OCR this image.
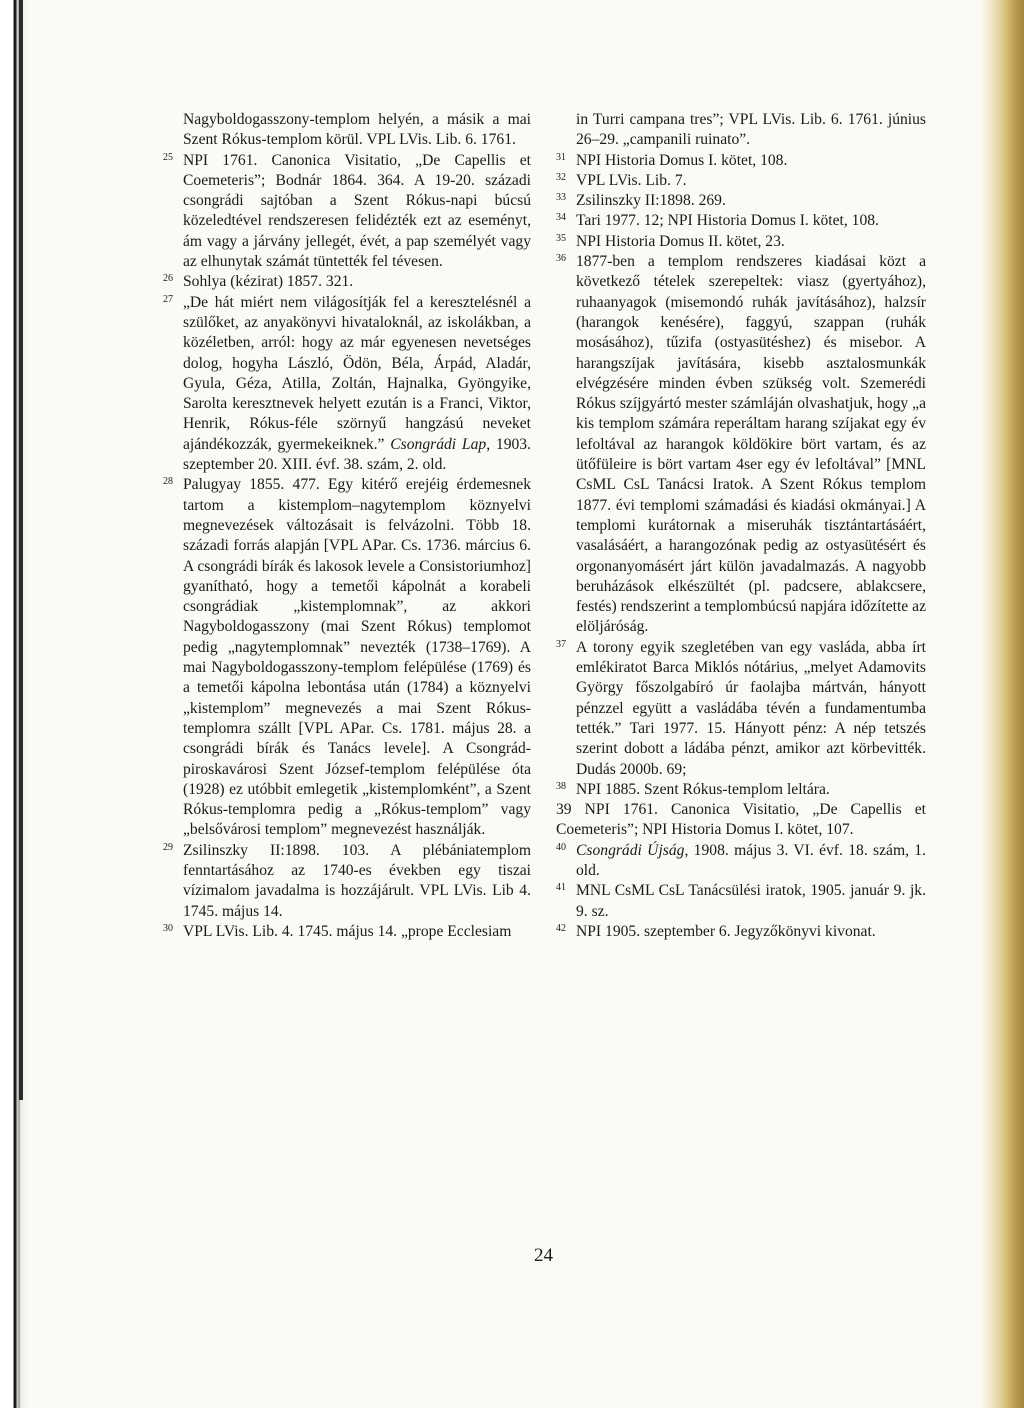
Nagyboldogasszony-templom helyén, a másik a mai Szent Rókus-templom körül. VPL LVis. Lib. 6. 1761.

25 NPI 1761. Canonica Visitatio, „De Capellis et Coemeteris”; Bodnár 1864. 364. A 19-20. századi csongrádi sajtóban a Szent Rókus-napi búcsú közeledtével rendszeresen felidézték ezt az eseményt, ám vagy a járvány jellegét, évét, a pap személyét vagy az elhunytak számát tüntették fel tévesen.

26 Sohlya (kézirat) 1857. 321.

27 „De hát miért nem világosítják fel a keresztelésnél a szülőket, az anyakönyvi hivataloknál, az iskolákban, a közéletben, arról: hogy az már egyenesen nevetséges dolog, hogyha László, Ödön, Béla, Árpád, Aladár, Gyula, Géza, Atilla, Zoltán, Hajnalka, Gyöngyike, Sarolta keresztnevek helyett ezután is a Franci, Viktor, Henrik, Rókus-féle szörnyű hangzású neveket ajándékozzák, gyermekeiknek.” Csongrádi Lap, 1903. szeptember 20. XIII. évf. 38. szám, 2. old.

28 Palugyay 1855. 477. Egy kitérő erejéig érdemesnek tartom a kistemplom–nagytemplom köznyelvi megnevezések változásait is felvázolni. Több 18. századi forrás alapján [VPL APar. Cs. 1736. március 6. A csongrádi bírák és lakosok levele a Consistoriumhoz] gyanítható, hogy a temetői kápolnát a korabeli csongrádiak „kistemplomnak”, az akkori Nagyboldogasszony (mai Szent Rókus) templomot pedig „nagytemplomnak” nevezték (1738–1769). A mai Nagyboldogasszony-templom felépülése (1769) és a temetői kápolna lebontása után (1784) a köznyelvi „kistemplom” megnevezés a mai Szent Rókus-templomra szállt [VPL APar. Cs. 1781. május 28. a csongrádi bírák és Tanács levele]. A Csongrád-piroskavárosi Szent József-templom felépülése óta (1928) ez utóbbit emlegetik „kistemplomként”, a Szent Rókus-templomra pedig a „Rókus-templom” vagy „belsővárosi templom” megnevezést használják.

29 Zsilinszky II:1898. 103. A plébániatemplom fenntartásához az 1740-es években egy tiszai vízimalom javadalma is hozzájárult. VPL LVis. Lib 4. 1745. május 14.

30 VPL LVis. Lib. 4. 1745. május 14. „prope Ecclesiam

in Turri campana tres”; VPL LVis. Lib. 6. 1761. június 26–29. „campanili ruinato”.

31 NPI Historia Domus I. kötet, 108.

32 VPL LVis. Lib. 7.

33 Zsilinszky II:1898. 269.

34 Tari 1977. 12; NPI Historia Domus I. kötet, 108.

35 NPI Historia Domus II. kötet, 23.

36 1877-ben a templom rendszeres kiadásai közt a következő tételek szerepeltek: viasz (gyertyához), ruhaanyagok (misemondó ruhák javításához), halzsír (harangok kenésére), faggyú, szappan (ruhák mosásához), tűzifa (ostyasütéshez) és misebor. A harangszíjak javítására, kisebb asztalosmunkák elvégzésére minden évben szükség volt. Szemerédi Rókus szíjgyártó mester számláján olvashatjuk, hogy „a kis templom számára reperáltam harang szíjakat egy év lefoltával az harangok köldökire bört vartam, és az ütőfüleire is bört vartam 4ser egy év lefoltával” [MNL CsML CsL Tanácsi Iratok. A Szent Rókus templom 1877. évi templomi számadási és kiadási okmányai.] A templomi kurátornak a miseruhák tisztántartásáért, vasalásáért, a harangozónak pedig az ostyasütésért és orgonanyomásért járt külön javadalmazás. A nagyobb beruházások elkészültét (pl. padcsere, ablakcsere, festés) rendszerint a templombúcsú napjára időzítette az elöljáróság.

37 A torony egyik szegletében van egy vasláda, abba írt emlékiratot Barca Miklós nótárius, „melyet Adamovits György főszolgabíró úr faolajba mártván, hányott pénzzel együtt a vasládába tévén a fundamentumba tették.” Tari 1977. 15. Hányott pénz: A nép tetszés szerint dobott a ládába pénzt, amikor azt körbevitték. Dudás 2000b. 69;

38 NPI 1885. Szent Rókus-templom leltára.

39 NPI 1761. Canonica Visitatio, „De Capellis et Coemeteris”; NPI Historia Domus I. kötet, 107.

40 Csongrádi Újság, 1908. május 3. VI. évf. 18. szám, 1. old.

41 MNL CsML CsL Tanácsülési iratok, 1905. január 9. jk. 9. sz.

42 NPI 1905. szeptember 6. Jegyzőkönyvi kivonat.

24
